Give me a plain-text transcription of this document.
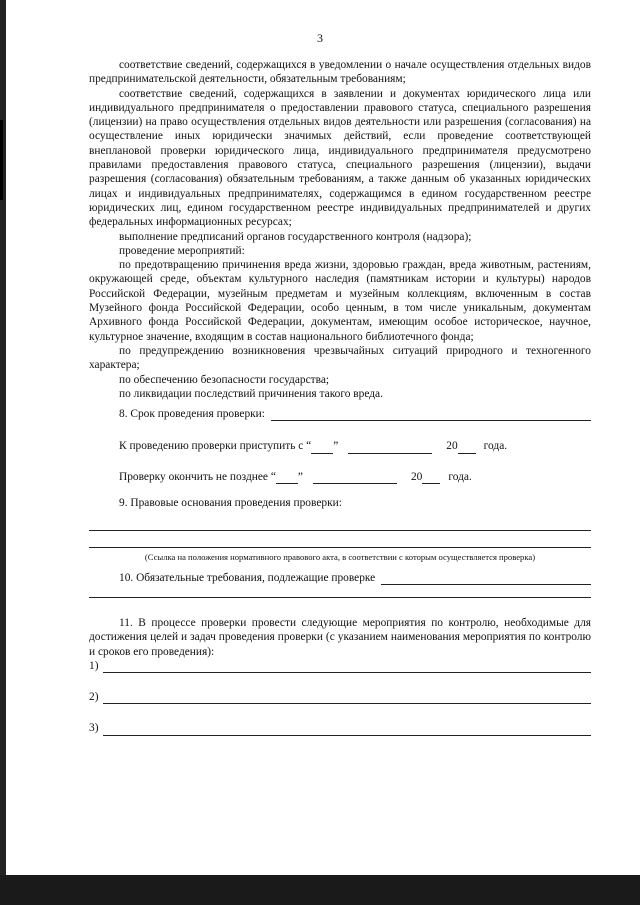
3

соответствие сведений, содержащихся в уведомлении о начале осуществления отдельных видов предпринимательской деятельности, обязательным требованиям;

соответствие сведений, содержащихся в заявлении и документах юридического лица или индивидуального предпринимателя о предоставлении правового статуса, специального разрешения (лицензии) на право осуществления отдельных видов деятельности или разрешения (согласования) на осуществление иных юридически значимых действий, если проведение соответствующей внеплановой проверки юридического лица, индивидуального предпринимателя предусмотрено правилами предоставления правового статуса, специального разрешения (лицензии), выдачи разрешения (согласования) обязательным требованиям, а также данным об указанных юридических лицах и индивидуальных предпринимателях, содержащимся в едином государственном реестре юридических лиц, едином государственном реестре индивидуальных предпринимателей и других федеральных информационных ресурсах;

выполнение предписаний органов государственного контроля (надзора);

проведение мероприятий:

по предотвращению причинения вреда жизни, здоровью граждан, вреда животным, растениям, окружающей среде, объектам культурного наследия (памятникам истории и культуры) народов Российской Федерации, музейным предметам и музейным коллекциям, включенным в состав Музейного фонда Российской Федерации, особо ценным, в том числе уникальным, документам Архивного фонда Российской Федерации, документам, имеющим особое историческое, научное, культурное значение, входящим в состав национального библиотечного фонда;

по предупреждению возникновения чрезвычайных ситуаций природного и техногенного характера;

по обеспечению безопасности государства;

по ликвидации последствий причинения такого вреда.

8. Срок проведения проверки:
К проведению проверки приступить с “ ”	20 года.
Проверку окончить не позднее “ ”	20 года.

9. Правовые основания проведения проверки:

(Ссылка на положения нормативного правового акта, в соответствии с которым осуществляется проверка)

10. Обязательные требования, подлежащие проверке

11. В процессе проверки провести следующие мероприятия по контролю, необходимые для достижения целей и задач проведения проверки (с указанием наименования мероприятия по контролю и сроков его проведения):

1)
2)
3)
